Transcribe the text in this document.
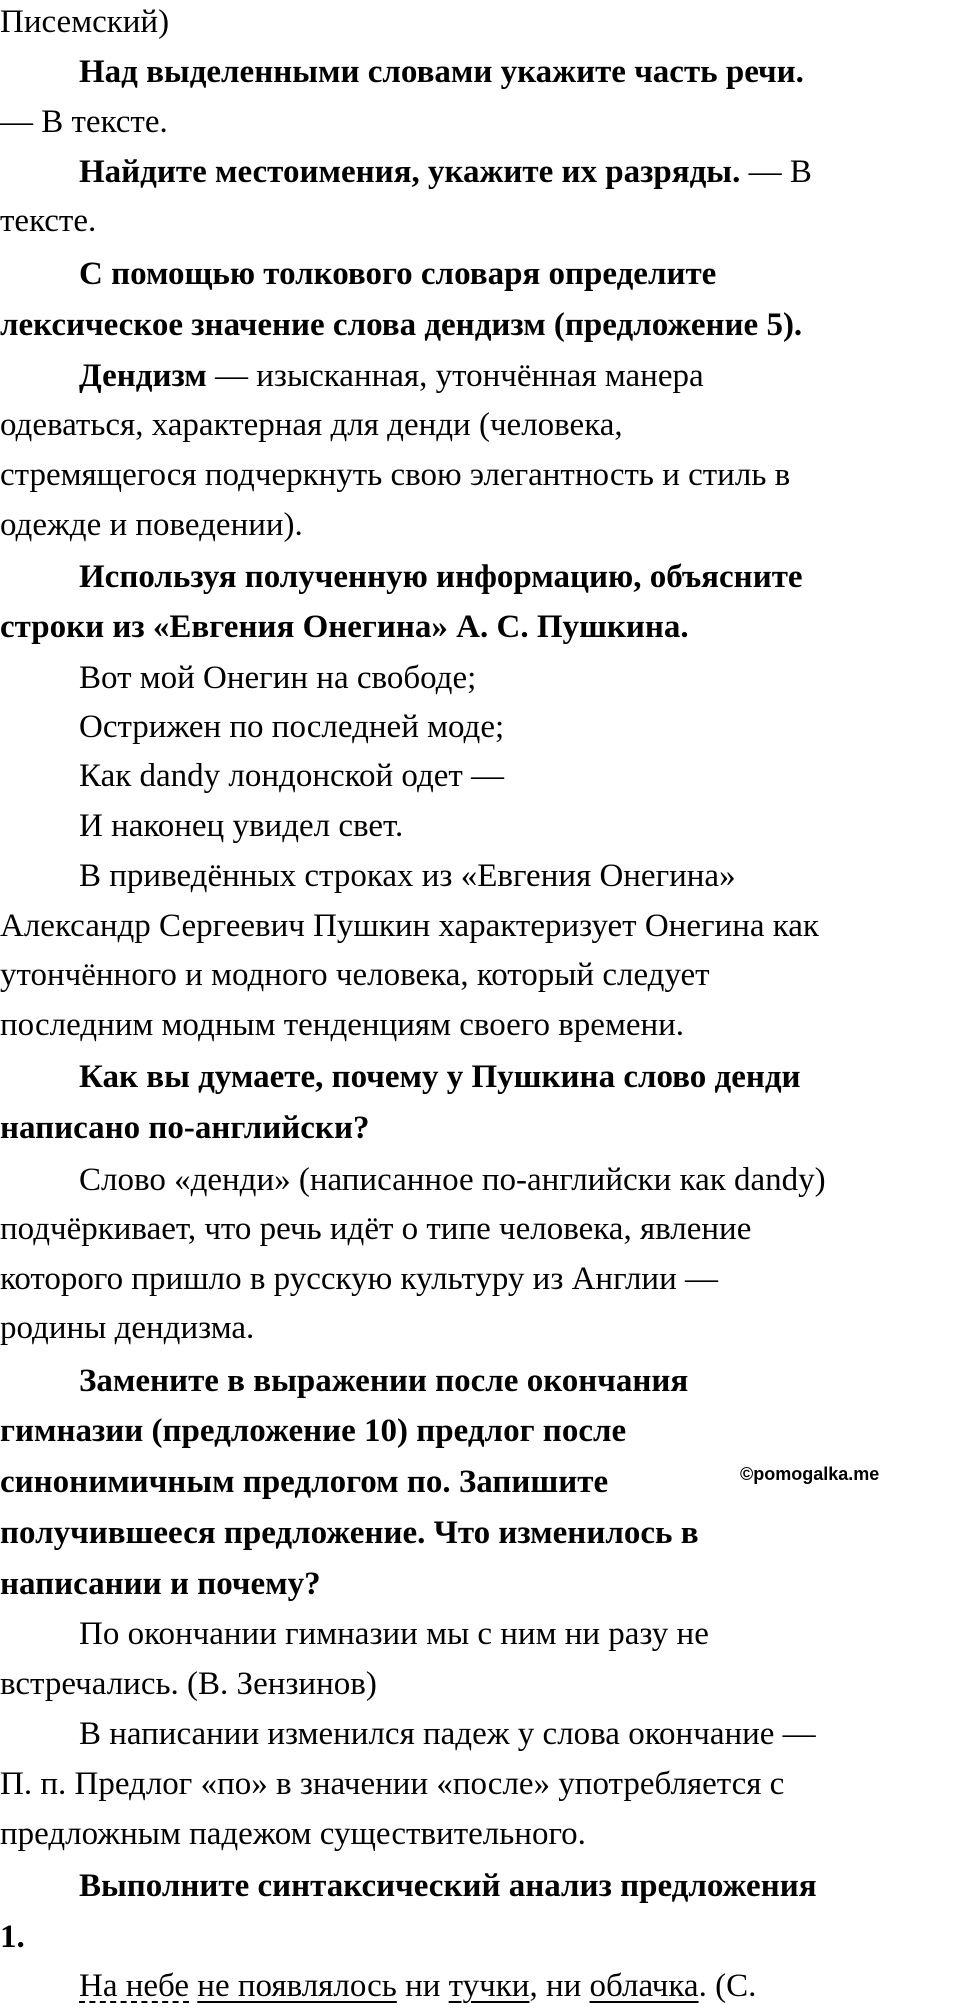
Писемский)
Над выделенными словами укажите часть речи.
— В тексте.
Найдите местоимения, укажите их разряды. — В
тексте.
С помощью толкового словаря определите
лексическое значение слова дендизм (предложение 5).
Дендизм — изысканная, утончённая манера
одеваться, характерная для денди (человека,
стремящегося подчеркнуть свою элегантность и стиль в
одежде и поведении).
Используя полученную информацию, объясните
строки из «Евгения Онегина» А. С. Пушкина.
Вот мой Онегин на свободе;
Острижен по последней моде;
Как dandy лондонской одет —
И наконец увидел свет.
В приведённых строках из «Евгения Онегина»
Александр Сергеевич Пушкин характеризует Онегина как
утончённого и модного человека, который следует
последним модным тенденциям своего времени.
Как вы думаете, почему у Пушкина слово денди
написано по-английски?
Слово «денди» (написанное по-английски как dandy)
подчёркивает, что речь идёт о типе человека, явление
которого пришло в русскую культуру из Англии —
родины дендизма.
Замените в выражении после окончания
гимназии (предложение 10) предлог после
синонимичным предлогом по. Запишите
получившееся предложение. Что изменилось в
написании и почему?
По окончании гимназии мы с ним ни разу не
встречались. (В. Зензинов)
В написании изменился падеж у слова окончание —
П. п. Предлог «по» в значении «после» употребляется с
предложным падежом существительного.
Выполните синтаксический анализ предложения
1.
На небе не появлялось ни тучки, ни облачка. (С.
©pomogalka.me
